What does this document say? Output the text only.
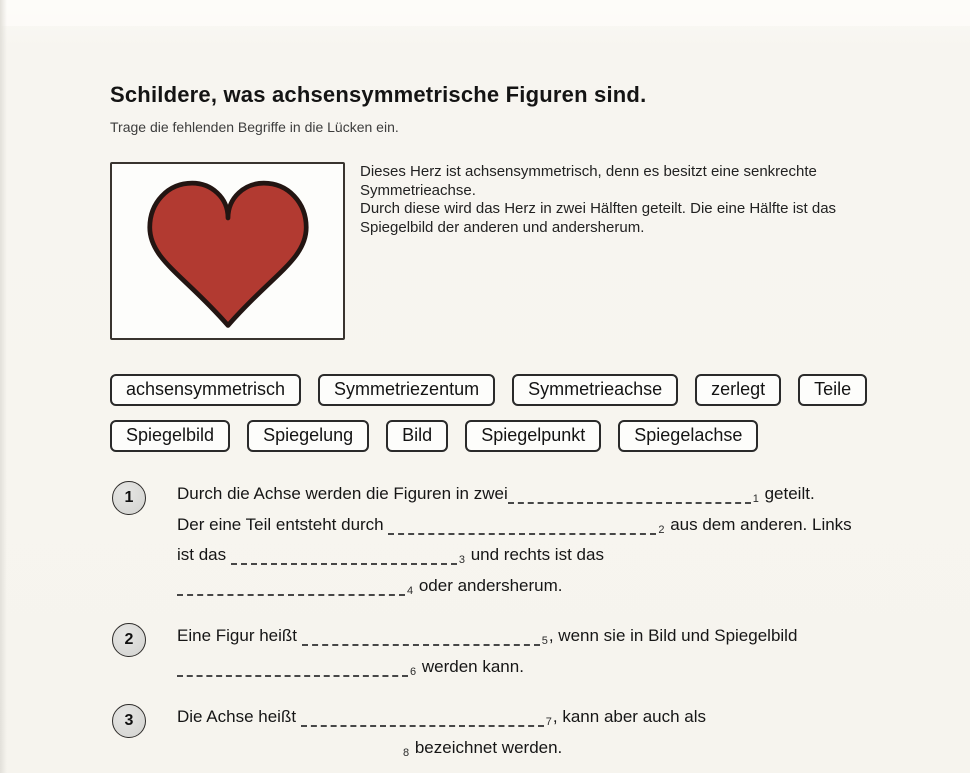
Schildere, was achsensymmetrische Figuren sind.
Trage die fehlenden Begriffe in die Lücken ein.
Dieses Herz ist achsensymmetrisch, denn es besitzt eine senkrechte
Symmetrieachse.
Durch diese wird das Herz in zwei Hälften geteilt. Die eine Hälfte ist das
Spiegelbild der anderen und andersherum.
achsensymmetrisch	Symmetriezentum	Symmetrieachse	zerlegt	Teile
Spiegelbild	Spiegelung	Bild	Spiegelpunkt	Spiegelachse
1	Durch die Achse werden die Figuren in zwei	1 geteilt.
Der eine Teil entsteht durch	2 aus dem anderen. Links
ist das	3 und rechts ist das
4 oder andersherum.
2	Eine Figur heißt	5, wenn sie in Bild und Spiegelbild
6 werden kann.
3	Die Achse heißt	7, kann aber auch als
8 bezeichnet werden.
